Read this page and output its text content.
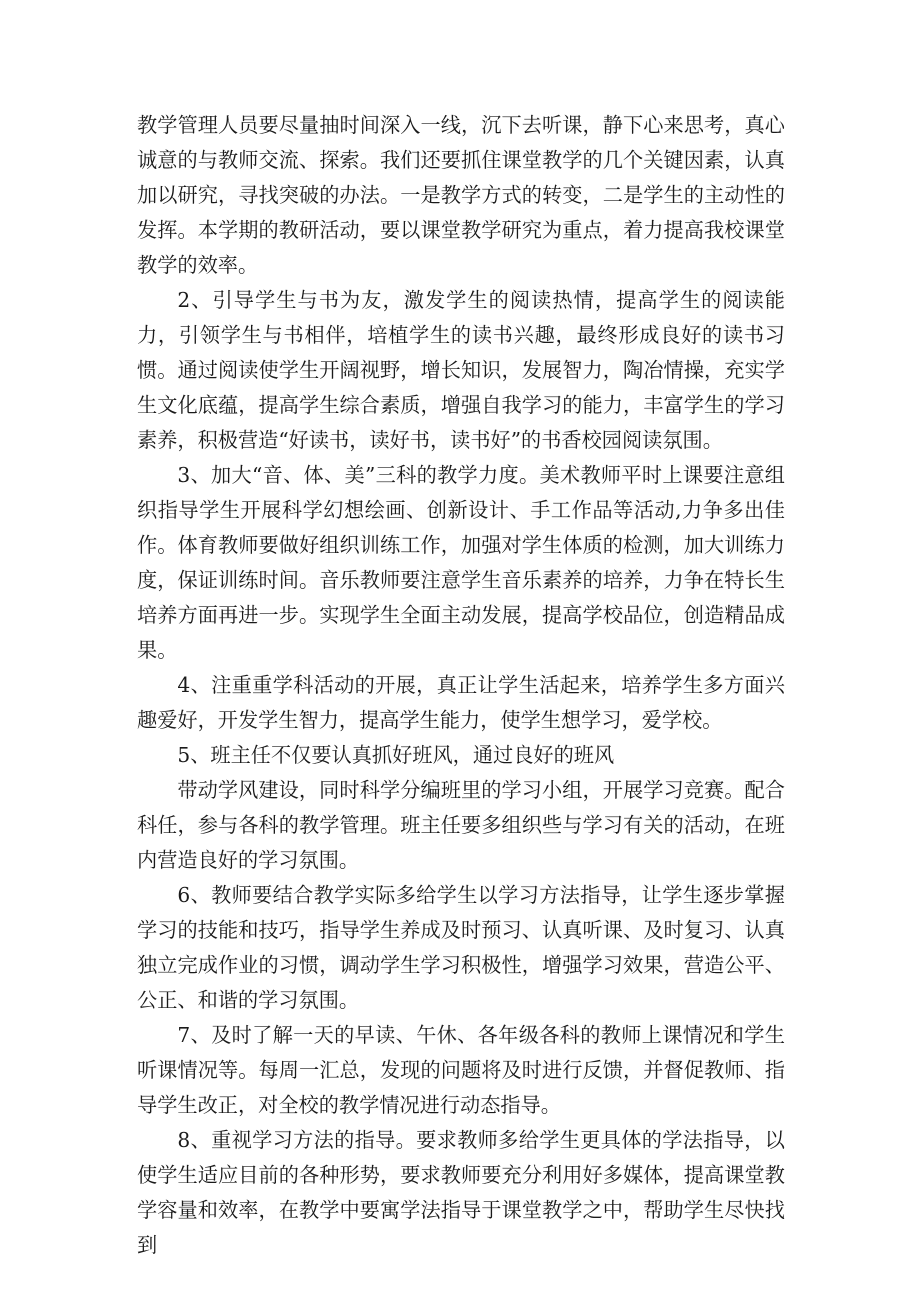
教学管理人员要尽量抽时间深入一线，沉下去听课，静下心来思考，真心诚意的与教师交流、探索。我们还要抓住课堂教学的几个关键因素，认真加以研究，寻找突破的办法。一是教学方式的转变，二是学生的主动性的发挥。本学期的教研活动，要以课堂教学研究为重点，着力提高我校课堂教学的效率。

2、引导学生与书为友，激发学生的阅读热情，提高学生的阅读能力，引领学生与书相伴，培植学生的读书兴趣，最终形成良好的读书习惯。通过阅读使学生开阔视野，增长知识，发展智力，陶冶情操，充实学生文化底蕴，提高学生综合素质，增强自我学习的能力，丰富学生的学习素养，积极营造“好读书，读好书，读书好”的书香校园阅读氛围。

3、加大“音、体、美”三科的教学力度。美术教师平时上课要注意组织指导学生开展科学幻想绘画、创新设计、手工作品等活动,力争多出佳作。体育教师要做好组织训练工作，加强对学生体质的检测，加大训练力度，保证训练时间。音乐教师要注意学生音乐素养的培养，力争在特长生培养方面再进一步。实现学生全面主动发展，提高学校品位，创造精品成果。

4、注重重学科活动的开展，真正让学生活起来，培养学生多方面兴趣爱好，开发学生智力，提高学生能力，使学生想学习，爱学校。

5、班主任不仅要认真抓好班风，通过良好的班风

带动学风建设，同时科学分编班里的学习小组，开展学习竞赛。配合科任，参与各科的教学管理。班主任要多组织些与学习有关的活动，在班内营造良好的学习氛围。

6、教师要结合教学实际多给学生以学习方法指导，让学生逐步掌握学习的技能和技巧，指导学生养成及时预习、认真听课、及时复习、认真独立完成作业的习惯，调动学生学习积极性，增强学习效果，营造公平、公正、和谐的学习氛围。

7、及时了解一天的早读、午休、各年级各科的教师上课情况和学生听课情况等。每周一汇总，发现的问题将及时进行反馈，并督促教师、指导学生改正，对全校的教学情况进行动态指导。

8、重视学习方法的指导。要求教师多给学生更具体的学法指导，以使学生适应目前的各种形势，要求教师要充分利用好多媒体，提高课堂教学容量和效率，在教学中要寓学法指导于课堂教学之中，帮助学生尽快找到
